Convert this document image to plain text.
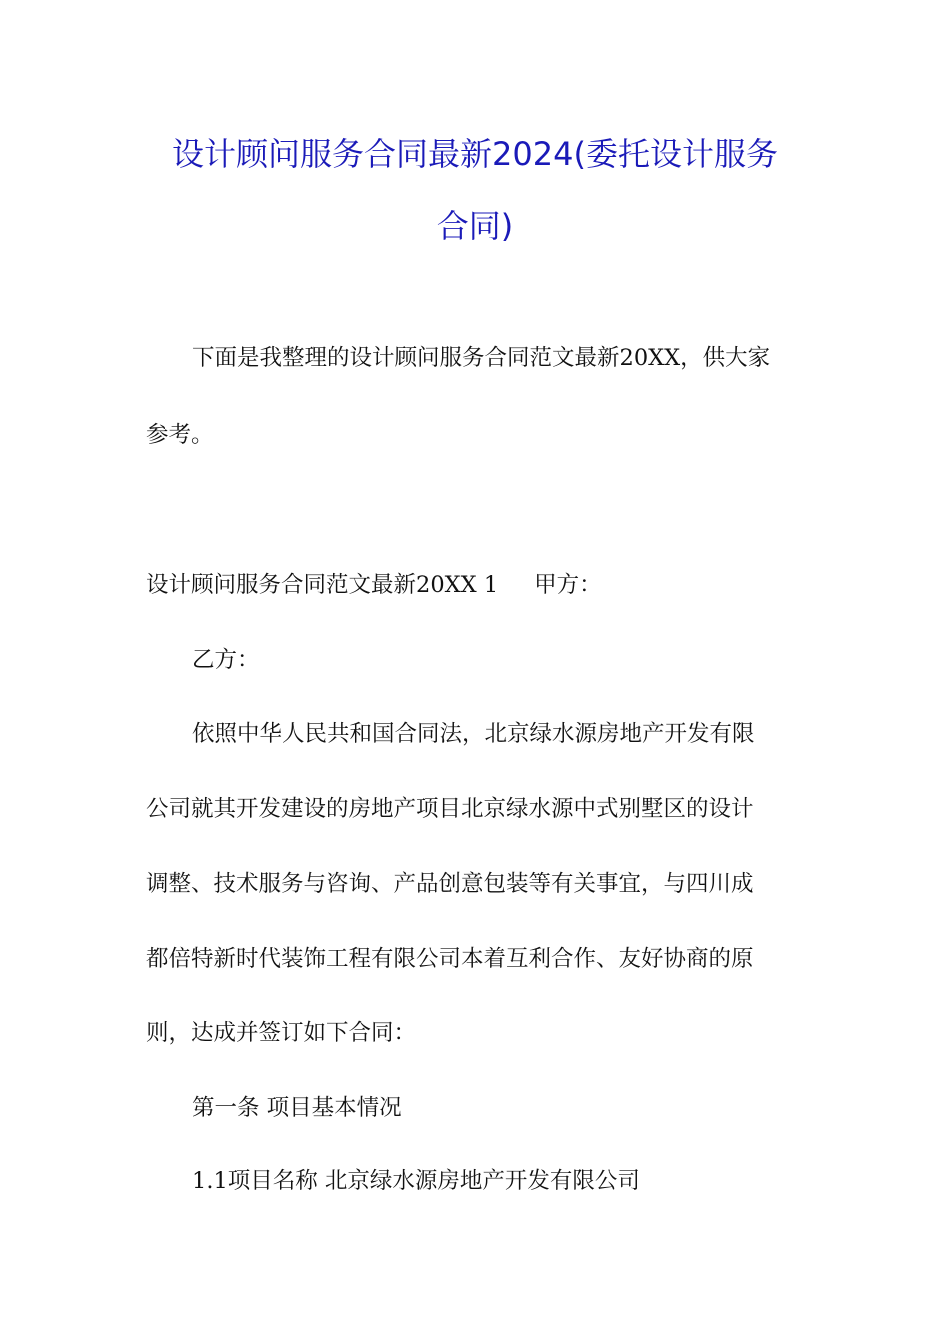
设计顾问服务合同最新2024(委托设计服务
合同)
下面是我整理的设计顾问服务合同范文最新20XX，供大家
参考。
设计顾问服务合同范文最新20XX 1 甲方：
乙方：
依照中华人民共和国合同法，北京绿水源房地产开发有限
公司就其开发建设的房地产项目北京绿水源中式别墅区的设计
调整、技术服务与咨询、产品创意包装等有关事宜，与四川成
都倍特新时代装饰工程有限公司本着互利合作、友好协商的原
则，达成并签订如下合同：
第一条 项目基本情况
1.1项目名称 北京绿水源房地产开发有限公司
